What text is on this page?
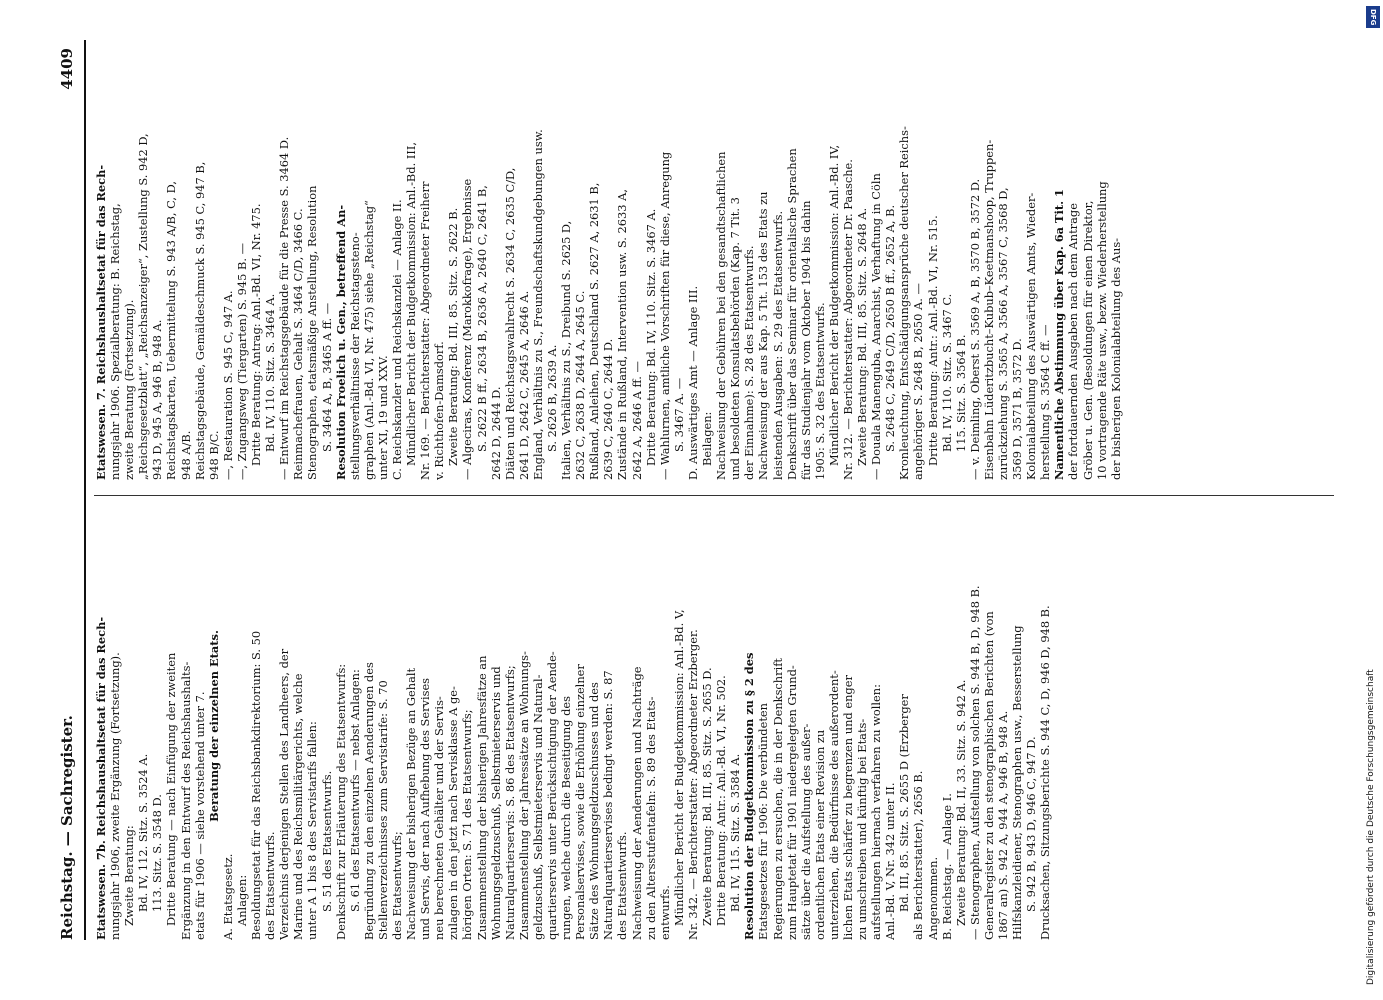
Reichstag. — Sachregister.
4409
Etatswesen. 7b. Reichshaushaltsetat für das Rech- nungsjahr 1906, zweite Ergänzung (Fortsetzung). Zweite Beratung: Bd. IV, 112. Sitz. S. 3524 A. 113. Sitz. S. 3548 D. Dritte Beratung — nach Einfügung der zweiten Ergänzung in den Entwurf des Reichshaushalts- etats für 1906 — siehe vorstehend unter 7. Beratung der einzelnen Etats.
A. Etatsgesetz. Anlagen: Besoldungsetat für das Reichsbankdirektorium: S. 50 des Etatsentwurfs. Verzeichnis derjenigen Stellen des Landheers, der Marine und des Reichsmilitärgerichts, welche unter A 1 bis 8 des Servistarifs fallen: S. 51 des Etatsentwurfs. Denkschrift zur Erläuterung des Etatsentwurfs: S. 61 des Etatsentwurfs — nebst Anlagen: Begründung zu den einzelnen Aenderungen des Stellenverzeichnisses zum Servistarife: S. 70 des Etatsentwurfs; Nachweisung der bisherigen Bezüge an Gehalt und Servis, der nach Aufhebung des Servises neu berechneten Gehälter und der Servis- zulagen in den jetzt nach Servisklasse A ge- hörigen Orten: S. 71 des Etatsentwurfs; Zusammenstellung der bisherigen Jahresfätze an Wohnungsgeldzuschuß, Selbstmieterservis und Naturalquartierservis: S. 86 des Etatsentwurfs; Zusammenstellung der Jahressätze an Wohnungs- geldzuschuß, Selbstmieterservis und Natural- quartierservis unter Berücksichtigung der Aende- rungen, welche durch die Beseitigung des Personalservises, sowie die Erhöhung einzelner Sätze des Wohnungsgeldzuschusses und des Naturalquartierservises bedingt werden: S. 87 des Etatsentwurfs. Nachweisung der Aenderungen und Nachträge zu den Altersstufentafeln: S. 89 des Etats- entwurfs. Mündlicher Bericht der Budgetkommission: Anl.-Bd. V, Nr. 342. — Berichterstatter: Abgeordneter Erzberger. Zweite Beratung: Bd. III, 85. Sitz. S. 2655 D. Dritte Beratung: Antr.: Anl.-Bd. VI, Nr. 502. Bd. IV, 115. Sitz. S. 3584 A. Resolution der Budgetkommission zu § 2 des Etatsgesetzes für 1906: Die verbündeten Regierungen zu ersuchen, die in der Denkschrift zum Hauptetat für 1901 niedergelegten Grund- sätze über die Aufstellung des außer- ordentlichen Etats einer Revision zu unterziehen, die Bedürfnisse des außerordent- lichen Etats schärfer zu begrenzen und enger zu umschreiben und künftig bei Etats- aufstellungen hiernach verfahren zu wollen: Anl.-Bd. V, Nr. 342 unter II. Bd. III, 85. Sitz. S. 2655 D (Erzberger als Berichterstatter), 2656 B. Angenommen. B. Reichstag. — Anlage I. Zweite Beratung: Bd. II, 33. Sitz. S. 942 A. — Stenographen, Aufstellung von solchen S. 944 B, D, 948 B. Generalregister zu den stenographischen Berichten (von 1867 an) S. 942 A, 944 A, 946 B, 948 A. Hilfskanzleidiener, Stenographen usw., Besserstellung S. 942 B, 943 D, 946 C, 947 D. Drucksachen, Sitzungsberichte S. 944 C, D, 946 D, 948 B.
Etatswesen. 7. Reichshaushaltsetat für das Rech- nungsjahr 1906. Spezialberatung: B. Reichstag, zweite Beratung (Fortsetzung). „Reichsgesetzblatt“, „Reichsanzeiger“, Zustellung S. 942 D, 943 D, 945 A, 946 B, 948 A. Reichstagskarten, Uebermittelung S. 943 A/B, C, D, 948 A/B. Reichstagsgebäude, Gemäldeschmuck S. 945 C, 947 B, 948 B/C. —, Restauration S. 945 C, 947 A. —, Zugangsweg (Tiergarten) S. 945 B. — Dritte Beratung: Antrag: Anl.-Bd. VI, Nr. 475. Bd. IV, 110. Sitz. S. 3464 A. — Entwurf im Reichstagsgebäude für die Presse S. 3464 D. Reinmachefrauen, Gehalt S. 3464 C/D, 3466 C. Stenographen, etatsmäßige Anstellung, Resolution S. 3464 A, B, 3465 A ff. — Resolution Froelich u. Gen., betreffend An- stellungsverhältnisse der Reichstagssteno- graphen (Anl.-Bd. VI, Nr. 475) siehe „Reichstag“ unter XI, 19 und XXV. C. Reichskanzler und Reichskanzlei — Anlage II. Mündlicher Bericht der Budgetkommission: Anl.-Bd. III, Nr. 169. — Berichterstatter: Abgeordneter Freiherr v. Richthofen-Damsdorf. Zweite Beratung: Bd. III, 85. Sitz. S. 2622 B. — Algeciras, Konferenz (Marokkofrage), Ergebnisse S. 2622 B ff., 2634 B, 2636 A, 2640 C, 2641 B, 2642 D, 2644 D. Diäten und Reichstagswahlrecht S. 2634 C, 2635 C/D, 2641 D, 2642 C, 2645 A, 2646 A. England, Verhältnis zu S., Freundschaftskundgebungen usw. S. 2626 B, 2639 A. Italien, Verhältnis zu S., Dreibund S. 2625 D, 2632 C, 2638 D, 2644 A, 2645 C. Rußland, Anleihen, Deutschland S. 2627 A, 2631 B, 2639 C, 2640 C, 2644 D. Zustände in Rußland, Intervention usw. S. 2633 A, 2642 A, 2646 A ff. — Dritte Beratung: Bd. IV, 110. Sitz. S. 3467 A. — Wahlurnen, amtliche Vorschriften für diese, Anregung S. 3467 A. — D. Auswärtiges Amt — Anlage III. Beilagen: Nachweisung der Gebühren bei den gesandtschaftlichen und besoldeten Konsulatsbehörden (Kap. 7 Tit. 3 der Einnahme): S. 28 des Etatsentwurfs. Nachweisung der aus Kap. 5 Tit. 153 des Etats zu leistenden Ausgaben: S. 29 des Etatsentwurfs. Denkschrift über das Seminar für orientalische Sprachen für das Studienjahr vom Oktober 1904 bis dahin 1905: S. 32 des Etatsentwurfs. Mündlicher Bericht der Budgetkommission: Anl.-Bd. IV, Nr. 312. — Berichterstatter: Abgeordneter Dr. Paasche. Zweite Beratung: Bd. III, 85. Sitz. S. 2648 A. — Douala Manenguba, Anarchist, Verhaftung in Cöln S. 2648 C, 2649 C/D, 2650 B ff., 2652 A, B. Kronleuchtung, Entschädigungsansprüche deutscher Reichs- angehöriger S. 2648 B, 2650 A. — Dritte Beratung: Antr.: Anl.-Bd. VI, Nr. 515. Bd. IV, 110. Sitz. S. 3467 C. 115. Sitz. S. 3564 B. — v. Deimling, Oberst S. 3569 A, B, 3570 B, 3572 D. Eisenbahn Lüderitzbucht–Kubub–Keetmanshoop, Truppen- zurückziehung S. 3565 A, 3566 A, 3567 C, 3568 D, 3569 D, 3571 B, 3572 D. Kolonialabteilung des Auswärtigen Amts, Wieder- herstellung S. 3564 C ff. — Namentliche Abstimmung über Kap. 6a Tit. 1 der fortdauernden Ausgaben nach dem Antrage Gröber u. Gen. (Besoldungen für einen Direktor, 10 vortragende Räte usw., bezw. Wiederherstellung der bisherigen Kolonialabteilung des Aus-
DFG
Digitalisierung gefördert durch die Deutsche Forschungsgemeinschaft
